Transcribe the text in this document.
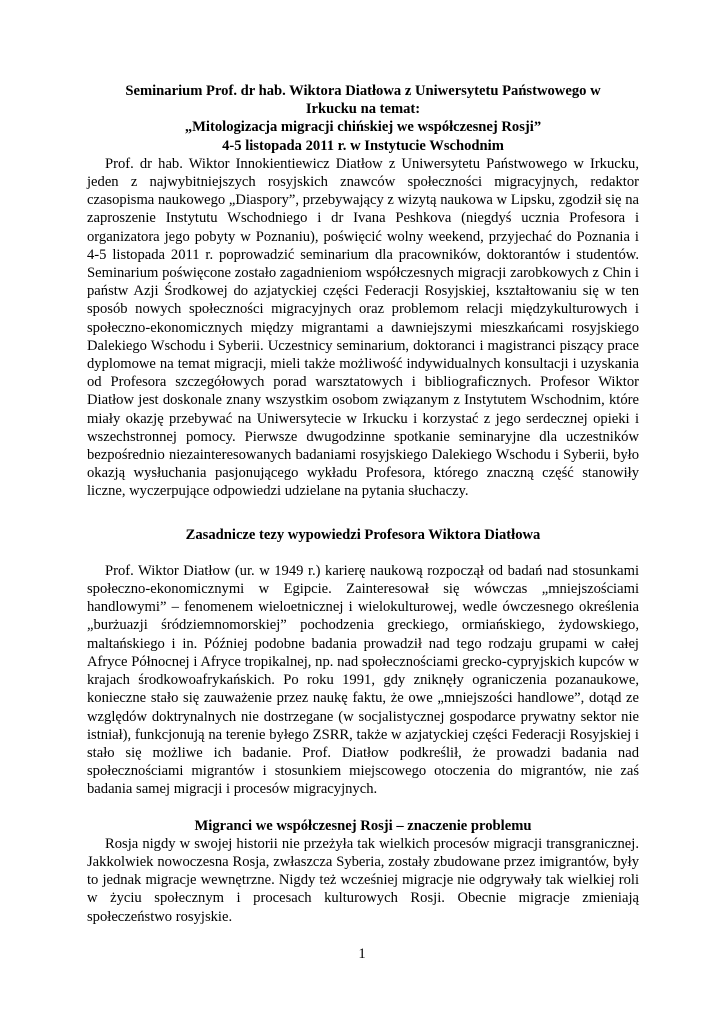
Seminarium Prof. dr hab. Wiktora Diatłowa z Uniwersytetu Państwowego w
Irkucku na temat:
„Mitologizacja migracji chińskiej we współczesnej Rosji”
4-5 listopada 2011 r. w Instytucie Wschodnim

Prof. dr hab. Wiktor Innokientiewicz Diatłow z Uniwersytetu Państwowego w Irkucku, jeden z najwybitniejszych rosyjskich znawców społeczności migracyjnych, redaktor czasopisma naukowego „Diaspory”, przebywający z wizytą naukowa w Lipsku, zgodził się na zaproszenie Instytutu Wschodniego i dr Ivana Peshkova (niegdyś ucznia Profesora i organizatora jego pobyty w Poznaniu), poświęcić wolny weekend, przyjechać do Poznania i 4-5 listopada 2011 r. poprowadzić seminarium dla pracowników, doktorantów i studentów. Seminarium poświęcone zostało zagadnieniom współczesnych migracji zarobkowych z Chin i państw Azji Środkowej do azjatyckiej części Federacji Rosyjskiej, kształtowaniu się w ten sposób nowych społeczności migracyjnych oraz problemom relacji międzykulturowych i społeczno-ekonomicznych między migrantami a dawniejszymi mieszkańcami rosyjskiego Dalekiego Wschodu i Syberii. Uczestnicy seminarium, doktoranci i magistranci piszący prace dyplomowe na temat migracji, mieli także możliwość indywidualnych konsultacji i uzyskania od Profesora szczegółowych porad warsztatowych i bibliograficznych. Profesor Wiktor Diatłow jest doskonale znany wszystkim osobom związanym z Instytutem Wschodnim, które miały okazję przebywać na Uniwersytecie w Irkucku i korzystać z jego serdecznej opieki i wszechstronnej pomocy. Pierwsze dwugodzinne spotkanie seminaryjne dla uczestników bezpośrednio niezainteresowanych badaniami rosyjskiego Dalekiego Wschodu i Syberii, było okazją wysłuchania pasjonującego wykładu Profesora, którego znaczną część stanowiły liczne, wyczerpujące odpowiedzi udzielane na pytania słuchaczy.

Zasadnicze tezy wypowiedzi Profesora Wiktora Diatłowa

Prof. Wiktor Diatłow (ur. w 1949 r.) karierę naukową rozpoczął od badań nad stosunkami społeczno-ekonomicznymi w Egipcie. Zainteresował się wówczas „mniejszościami handlowymi” – fenomenem wieloetnicznej i wielokulturowej, wedle ówczesnego określenia „burżuazji śródziemnomorskiej” pochodzenia greckiego, ormiańskiego, żydowskiego, maltańskiego i in. Później podobne badania prowadził nad tego rodzaju grupami w całej Afryce Północnej i Afryce tropikalnej, np. nad społecznościami grecko-cypryjskich kupców w krajach środkowoafrykańskich. Po roku 1991, gdy zniknęły ograniczenia pozanaukowe, konieczne stało się zauważenie przez naukę faktu, że owe „mniejszości handlowe”, dotąd ze względów doktrynalnych nie dostrzegane (w socjalistycznej gospodarce prywatny sektor nie istniał), funkcjonują na terenie byłego ZSRR, także w azjatyckiej części Federacji Rosyjskiej i stało się możliwe ich badanie. Prof. Diatłow podkreślił, że prowadzi badania nad społecznościami migrantów i stosunkiem miejscowego otoczenia do migrantów, nie zaś badania samej migracji i procesów migracyjnych.

Migranci we współczesnej Rosji – znaczenie problemu

Rosja nigdy w swojej historii nie przeżyła tak wielkich procesów migracji transgranicznej. Jakkolwiek nowoczesna Rosja, zwłaszcza Syberia, zostały zbudowane przez imigrantów, były to jednak migracje wewnętrzne. Nigdy też wcześniej migracje nie odgrywały tak wielkiej roli w życiu społecznym i procesach kulturowych Rosji. Obecnie migracje zmieniają społeczeństwo rosyjskie.

1
